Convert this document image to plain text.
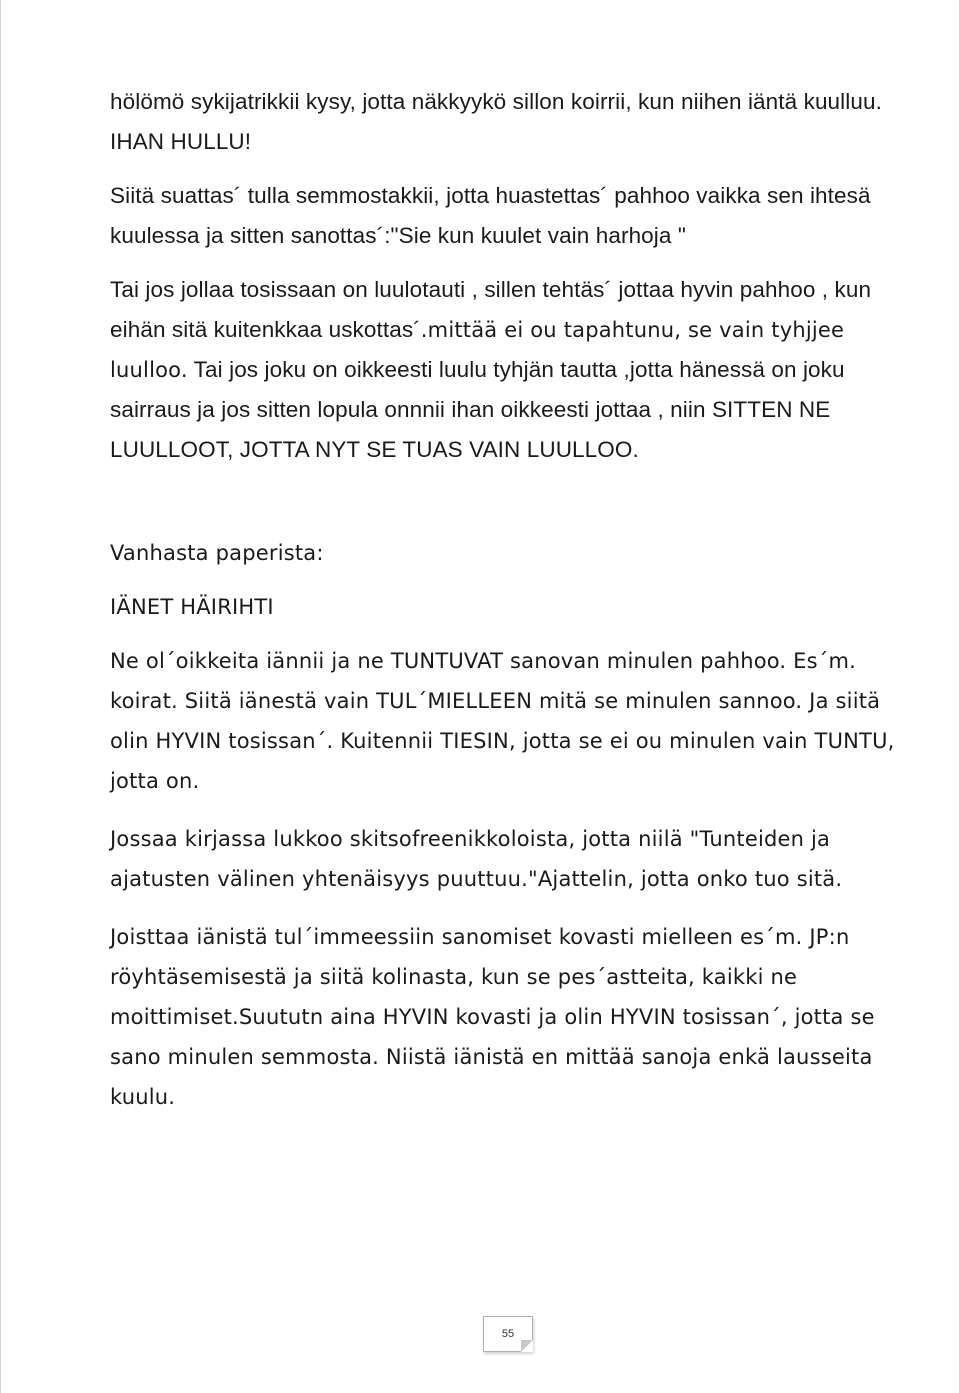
hölömö sykijatrikkii kysy, jotta näkkyykö sillon koirrii, kun niihen iäntä kuulluu. IHAN HULLU!

Siitä suattas´ tulla semmostakkii, jotta huastettas´ pahhoo vaikka sen ihtesä kuulessa ja sitten sanottas´:"Sie kun kuulet vain harhoja "

Tai jos jollaa tosissaan on luulotauti , sillen tehtäs´ jottaa hyvin pahhoo , kun eihän sitä kuitenkkaa uskottas´.mittää ei ou tapahtunu, se vain tyhjjee luulloo. Tai jos joku on oikkeesti luulu tyhjän tautta ,jotta hänessä on joku sairraus ja jos sitten lopula onnnii ihan oikkeesti jottaa , niin SITTEN NE LUULLOOT, JOTTA NYT SE TUAS VAIN LUULLOO.

Vanhasta paperista:

IÄNET HÄIRIHTI

Ne ol´oikkeita iännii ja ne TUNTUVAT sanovan minulen pahhoo. Es´m. koirat. Siitä iänestä vain TUL´MIELLEEN mitä se minulen sannoo. Ja siitä olin HYVIN tosissan´. Kuitennii TIESIN, jotta se ei ou minulen vain TUNTU, jotta on.

Jossaa kirjassa lukkoo skitsofreenikkoloista, jotta niilä "Tunteiden ja ajatusten välinen yhtenäisyys puuttuu."Ajattelin, jotta onko tuo sitä.

Joisttaa iänistä tul´immeessiin sanomiset kovasti mielleen es´m. JP:n röyhtäsemisestä ja siitä kolinasta, kun se pes´astteita, kaikki ne moittimiset.Suututn aina HYVIN kovasti ja olin HYVIN tosissan´, jotta se sano minulen semmosta. Niistä iänistä en mittää sanoja enkä lausseita kuulu.

55
